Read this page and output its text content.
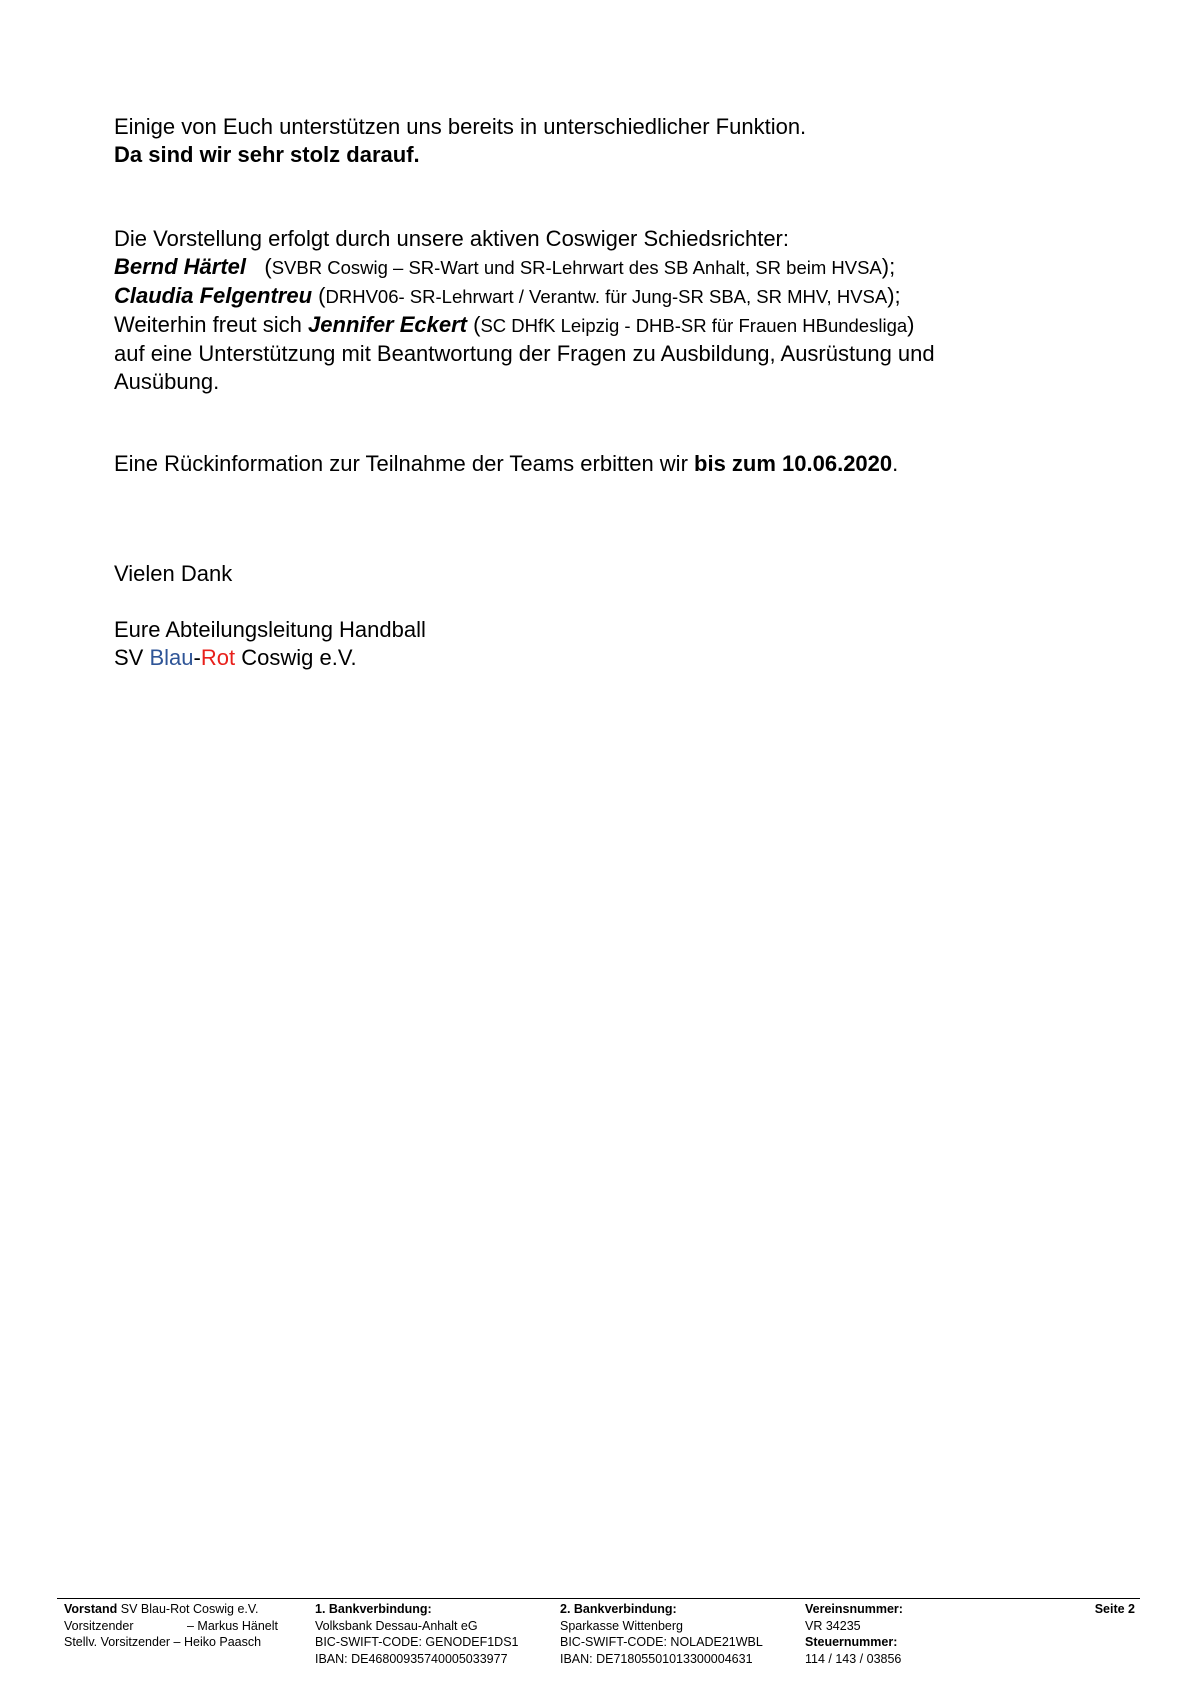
Einige von Euch unterstützen uns bereits in unterschiedlicher Funktion.

Da sind wir sehr stolz darauf.

Die Vorstellung erfolgt durch unsere aktiven Coswiger Schiedsrichter:

Bernd Härtel   (SVBR Coswig – SR-Wart und SR-Lehrwart des SB Anhalt, SR beim HVSA);

Claudia Felgentreu (DRHV06- SR-Lehrwart / Verantw. für Jung-SR SBA, SR MHV, HVSA);

Weiterhin freut sich Jennifer Eckert (SC DHfK Leipzig - DHB-SR für Frauen HBundesliga)

auf eine Unterstützung mit Beantwortung der Fragen zu Ausbildung, Ausrüstung und

Ausübung.

Eine Rückinformation zur Teilnahme der Teams erbitten wir bis zum 10.06.2020.

Vielen Dank

Eure Abteilungsleitung Handball

SV Blau-Rot Coswig e.V.

Vorstand SV Blau-Rot Coswig e.V.
Vorsitzender	– Markus Hänelt
Stellv. Vorsitzender – Heiko Paasch
1. Bankverbindung:
Volksbank Dessau-Anhalt eG
BIC-SWIFT-CODE: GENODEF1DS1
IBAN: DE46800935740005033977
2. Bankverbindung:
Sparkasse Wittenberg
BIC-SWIFT-CODE: NOLADE21WBL
IBAN: DE71805501013300004631
Vereinsnummer:
VR 34235
Steuernummer:
114 / 143 / 03856
Seite 2
